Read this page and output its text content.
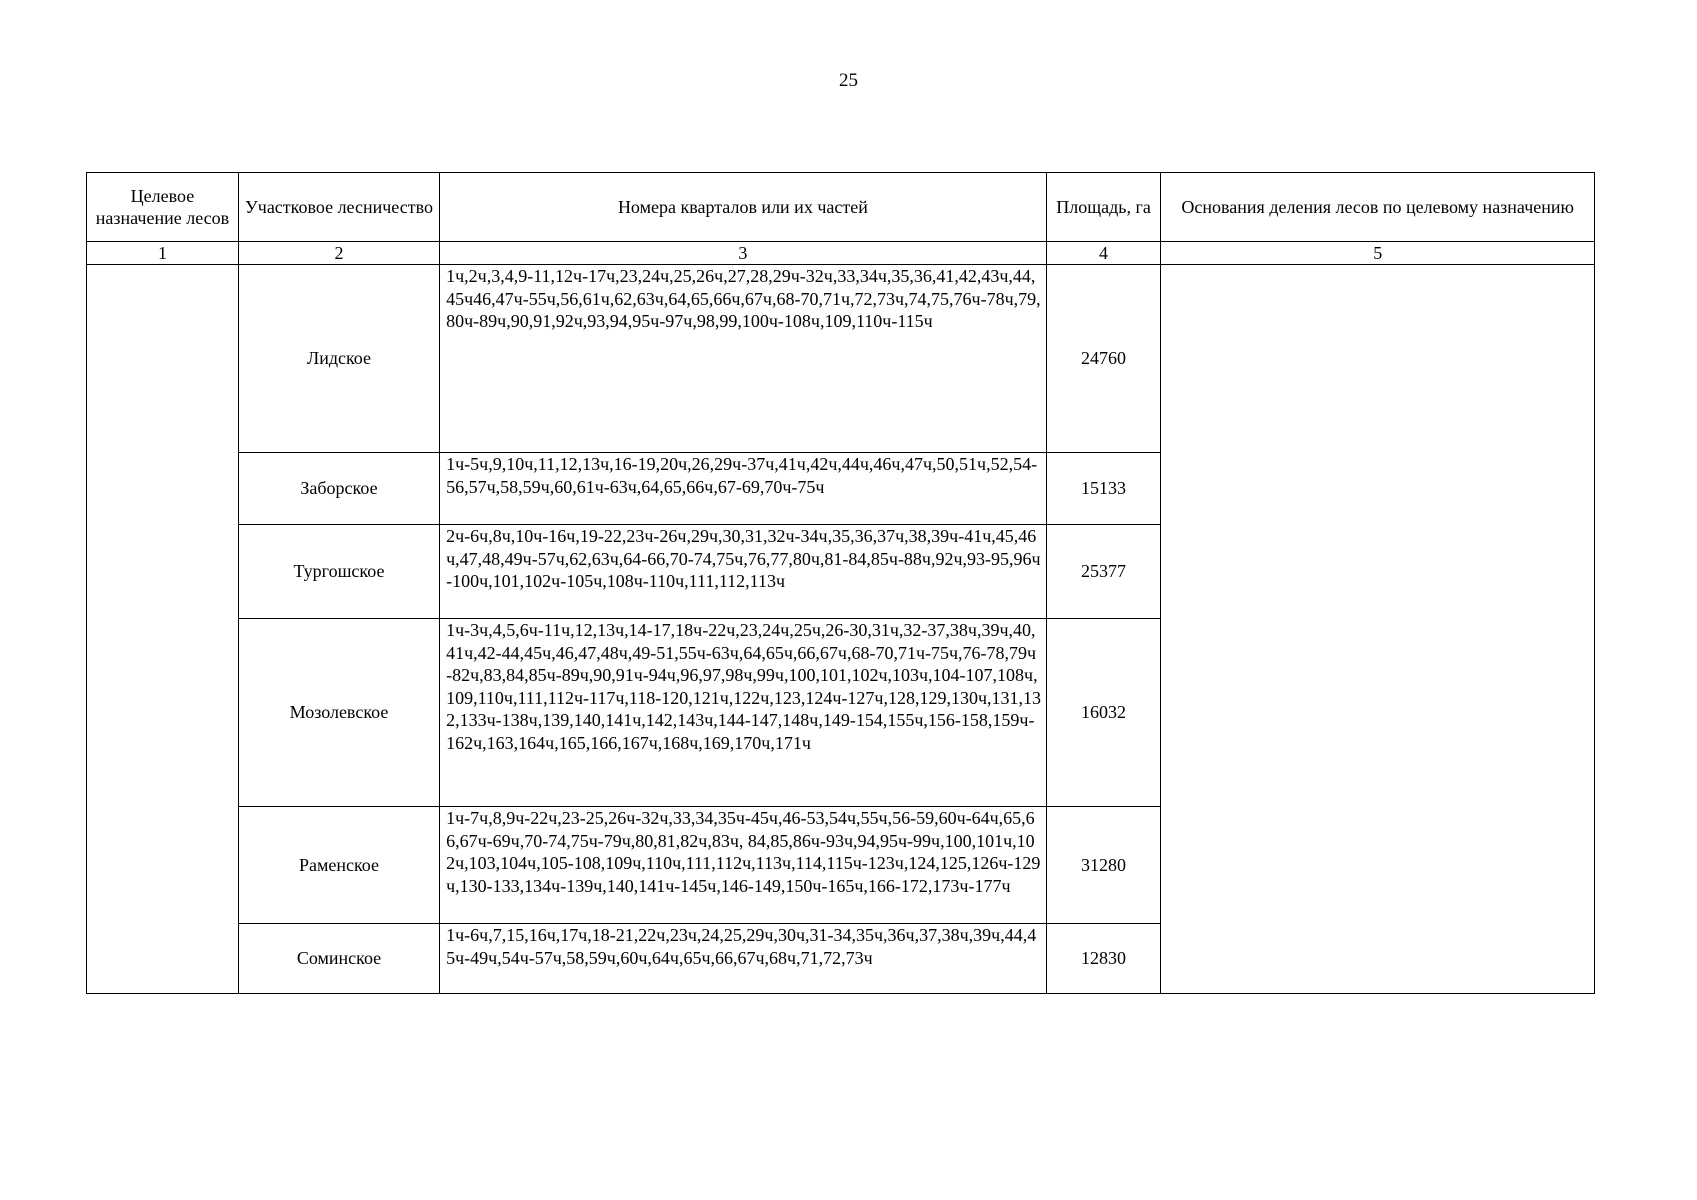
25
Целевое назначение лесов	Участковое лесничество	Номера кварталов или их частей	Площадь, га	Основания деления лесов по целевому назначению
1	2	3	4	5
	Лидское	1ч,2ч,3,4,9-11,12ч-17ч,23,24ч,25,26ч,27,28,29ч-32ч,33,34ч,35,36,41,42,43ч,44,45ч46,47ч-55ч,56,61ч,62,63ч,64,65,66ч,67ч,68-70,71ч,72,73ч,74,75,76ч-78ч,79,80ч-89ч,90,91,92ч,93,94,95ч-97ч,98,99,100ч-108ч,109,110ч-115ч	24760	
	Заборское	1ч-5ч,9,10ч,11,12,13ч,16-19,20ч,26,29ч-37ч,41ч,42ч,44ч,46ч,47ч,50,51ч,52,54-56,57ч,58,59ч,60,61ч-63ч,64,65,66ч,67-69,70ч-75ч	15133	
	Тургошское	2ч-6ч,8ч,10ч-16ч,19-22,23ч-26ч,29ч,30,31,32ч-34ч,35,36,37ч,38,39ч-41ч,45,46ч,47,48,49ч-57ч,62,63ч,64-66,70-74,75ч,76,77,80ч,81-84,85ч-88ч,92ч,93-95,96ч-100ч,101,102ч-105ч,108ч-110ч,111,112,113ч	25377	
	Мозолевское	1ч-3ч,4,5,6ч-11ч,12,13ч,14-17,18ч-22ч,23,24ч,25ч,26-30,31ч,32-37,38ч,39ч,40,41ч,42-44,45ч,46,47,48ч,49-51,55ч-63ч,64,65ч,66,67ч,68-70,71ч-75ч,76-78,79ч-82ч,83,84,85ч-89ч,90,91ч-94ч,96,97,98ч,99ч,100,101,102ч,103ч,104-107,108ч,109,110ч,111,112ч-117ч,118-120,121ч,122ч,123,124ч-127ч,128,129,130ч,131,132,133ч-138ч,139,140,141ч,142,143ч,144-147,148ч,149-154,155ч,156-158,159ч-162ч,163,164ч,165,166,167ч,168ч,169,170ч,171ч	16032	
	Раменское	1ч-7ч,8,9ч-22ч,23-25,26ч-32ч,33,34,35ч-45ч,46-53,54ч,55ч,56-59,60ч-64ч,65,66,67ч-69ч,70-74,75ч-79ч,80,81,82ч,83ч, 84,85,86ч-93ч,94,95ч-99ч,100,101ч,102ч,103,104ч,105-108,109ч,110ч,111,112ч,113ч,114,115ч-123ч,124,125,126ч-129ч,130-133,134ч-139ч,140,141ч-145ч,146-149,150ч-165ч,166-172,173ч-177ч	31280	
	Соминское	1ч-6ч,7,15,16ч,17ч,18-21,22ч,23ч,24,25,29ч,30ч,31-34,35ч,36ч,37,38ч,39ч,44,45ч-49ч,54ч-57ч,58,59ч,60ч,64ч,65ч,66,67ч,68ч,71,72,73ч	12830	
